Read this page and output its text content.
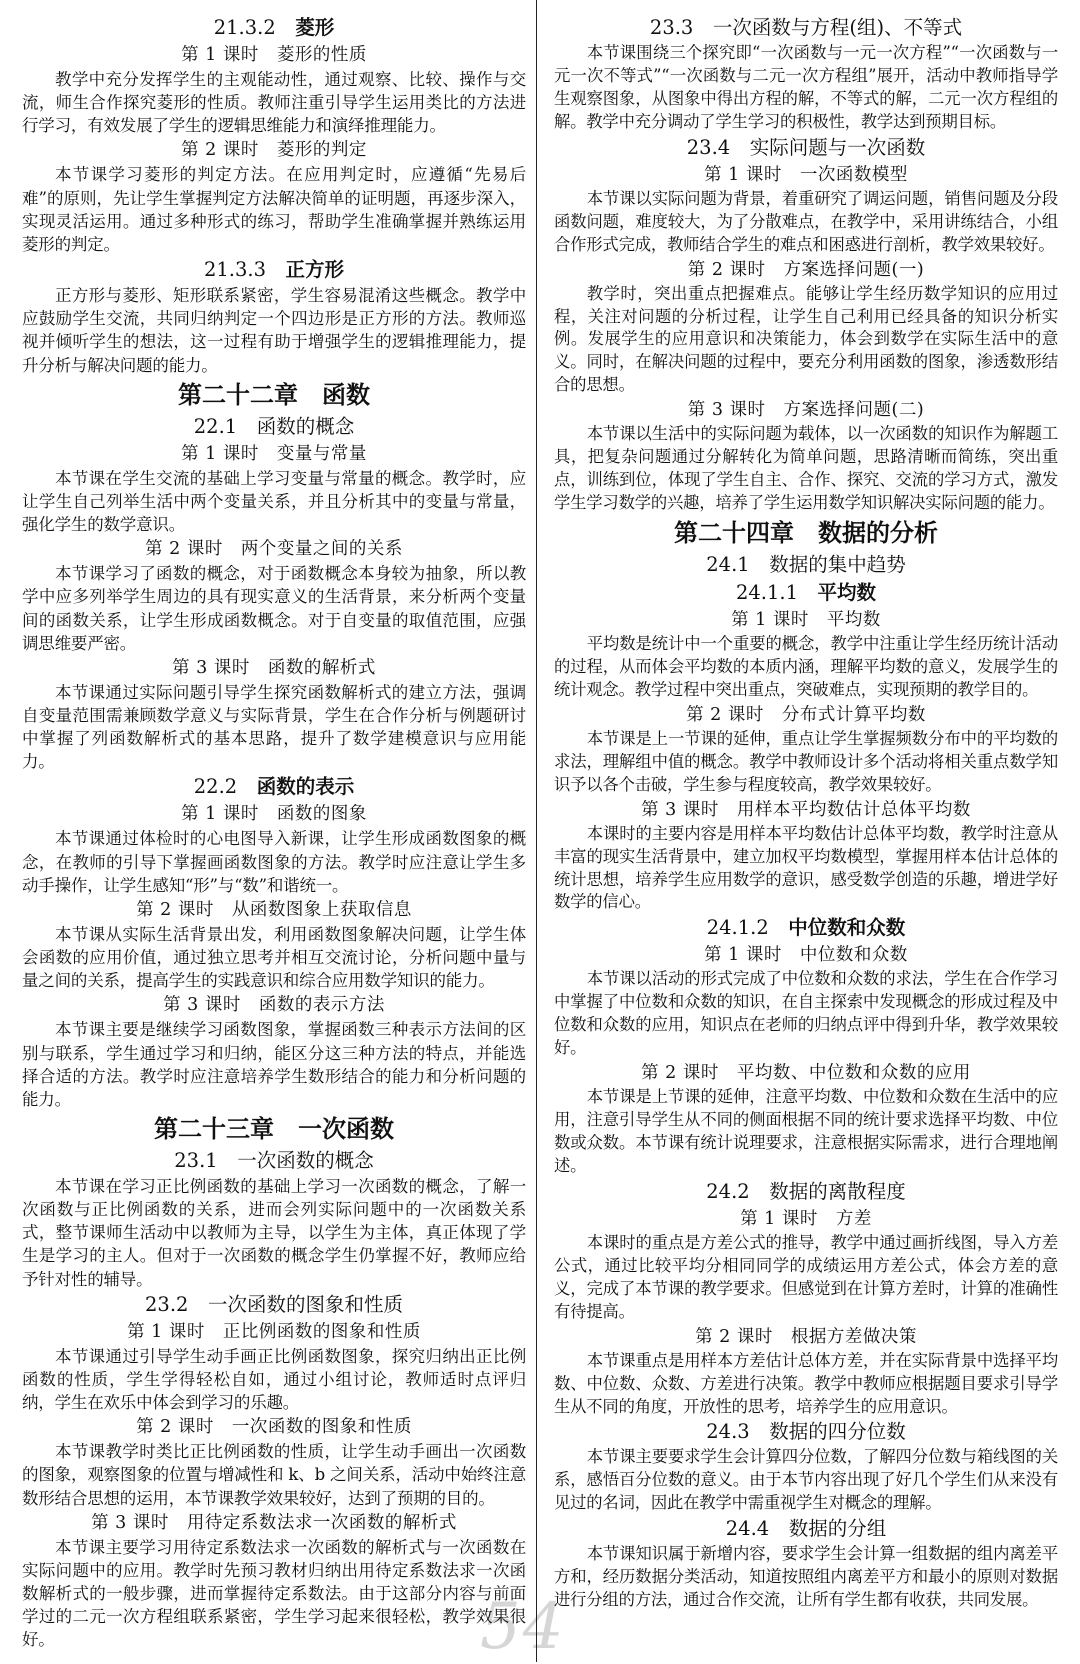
21.3.2　 菱形
第 1 课时　菱形的性质

教学中充分发挥学生的主观能动性，通过观察、比较、操作与交流，师生合作探究菱形的性质。教师注重引导学生运用类比的方法进行学习，有效发展了学生的逻辑思维能力和演绎推理能力。

第 2 课时　菱形的判定

本节课学习菱形的判定方法。在应用判定时，应遵循“先易后难”的原则，先让学生掌握判定方法解决简单的证明题，再逐步深入，实现灵活运用。通过多种形式的练习，帮助学生准确掌握并熟练运用菱形的判定。

21.3.3　 正方形

正方形与菱形、矩形联系紧密，学生容易混淆这些概念。教学中应鼓励学生交流，共同归纳判定一个四边形是正方形的方法。教师巡视并倾听学生的想法，这一过程有助于增强学生的逻辑推理能力，提升分析与解决问题的能力。

第二十二章　函数
22.1　 函数的概念
第 1 课时　变量与常量

本节课在学生交流的基础上学习变量与常量的概念。教学时，应让学生自己列举生活中两个变量关系，并且分析其中的变量与常量，强化学生的数学意识。

第 2 课时　两个变量之间的关系

本节课学习了函数的概念，对于函数概念本身较为抽象，所以教学中应多列举学生周边的具有现实意义的生活背景，来分析两个变量间的函数关系，让学生形成函数概念。对于自变量的取值范围，应强调思维要严密。

第 3 课时　函数的解析式

本节课通过实际问题引导学生探究函数解析式的建立方法，强调自变量范围需兼顾数学意义与实际背景，学生在合作分析与例题研讨中掌握了列函数解析式的基本思路，提升了数学建模意识与应用能力。

22.2　 函数的表示
第 1 课时　函数的图象

本节课通过体检时的心电图导入新课，让学生形成函数图象的概念，在教师的引导下掌握画函数图象的方法。教学时应注意让学生多动手操作，让学生感知“形”与“数”和谐统一。

第 2 课时　从函数图象上获取信息

本节课从实际生活背景出发，利用函数图象解决问题，让学生体会函数的应用价值，通过独立思考并相互交流讨论，分析问题中量与量之间的关系，提高学生的实践意识和综合应用数学知识的能力。

第 3 课时　函数的表示方法

本节课主要是继续学习函数图象，掌握函数三种表示方法间的区别与联系，学生通过学习和归纳，能区分这三种方法的特点，并能选择合适的方法。教学时应注意培养学生数形结合的能力和分析问题的能力。

第二十三章　一次函数
23.1　 一次函数的概念

本节课在学习正比例函数的基础上学习一次函数的概念，了解一次函数与正比例函数的关系，进而会列实际问题中的一次函数关系式，整节课师生活动中以教师为主导，以学生为主体，真正体现了学生是学习的主人。但对于一次函数的概念学生仍掌握不好，教师应给予针对性的辅导。

23.2　 一次函数的图象和性质
第 1 课时　正比例函数的图象和性质

本节课通过引导学生动手画正比例函数图象，探究归纳出正比例函数的性质，学生学得轻松自如，通过小组讨论，教师适时点评归纳，学生在欢乐中体会到学习的乐趣。

第 2 课时　一次函数的图象和性质

本节课教学时类比正比例函数的性质，让学生动手画出一次函数的图象，观察图象的位置与增减性和 k、b 之间关系，活动中始终注意数形结合思想的运用，本节课教学效果较好，达到了预期的目的。

第 3 课时　用待定系数法求一次函数的解析式

本节课主要学习用待定系数法求一次函数的解析式与一次函数在实际问题中的应用。教学时先预习教材归纳出用待定系数法求一次函数解析式的一般步骤，进而掌握待定系数法。由于这部分内容与前面学过的二元一次方程组联系紧密，学生学习起来很轻松，教学效果很好。

23.3　 一次函数与方程(组)、不等式

本节课围绕三个探究即“一次函数与一元一次方程”“一次函数与一元一次不等式”“一次函数与二元一次方程组”展开，活动中教师指导学生观察图象，从图象中得出方程的解，不等式的解，二元一次方程组的解。教学中充分调动了学生学习的积极性，教学达到预期目标。

23.4　 实际问题与一次函数
第 1 课时　一次函数模型

本节课以实际问题为背景，着重研究了调运问题，销售问题及分段函数问题，难度较大，为了分散难点，在教学中，采用讲练结合，小组合作形式完成，教师结合学生的难点和困惑进行剖析，教学效果较好。

第 2 课时　方案选择问题(一)

教学时，突出重点把握难点。能够让学生经历数学知识的应用过程，关注对问题的分析过程，让学生自己利用已经具备的知识分析实例。发展学生的应用意识和决策能力，体会到数学在实际生活中的意义。同时，在解决问题的过程中，要充分利用函数的图象，渗透数形结合的思想。

第 3 课时　方案选择问题(二)

本节课以生活中的实际问题为载体，以一次函数的知识作为解题工具，把复杂问题通过分解转化为简单问题，思路清晰而简练，突出重点，训练到位，体现了学生自主、合作、探究、交流的学习方式，激发学生学习数学的兴趣，培养了学生运用数学知识解决实际问题的能力。

第二十四章　数据的分析
24.1　 数据的集中趋势
24.1.1　 平均数
第 1 课时　平均数

平均数是统计中一个重要的概念，教学中注重让学生经历统计活动的过程，从而体会平均数的本质内涵，理解平均数的意义，发展学生的统计观念。教学过程中突出重点，突破难点，实现预期的教学目的。

第 2 课时　分布式计算平均数

本节课是上一节课的延伸，重点让学生掌握频数分布中的平均数的求法，理解组中值的概念。教学中教师设计多个活动将相关重点数学知识予以各个击破，学生参与程度较高，教学效果较好。

第 3 课时　用样本平均数估计总体平均数

本课时的主要内容是用样本平均数估计总体平均数，教学时注意从丰富的现实生活背景中，建立加权平均数模型，掌握用样本估计总体的统计思想，培养学生应用数学的意识，感受数学创造的乐趣，增进学好数学的信心。

24.1.2　 中位数和众数
第 1 课时　中位数和众数

本节课以活动的形式完成了中位数和众数的求法，学生在合作学习中掌握了中位数和众数的知识，在自主探索中发现概念的形成过程及中位数和众数的应用，知识点在老师的归纳点评中得到升华，教学效果较好。

第 2 课时　平均数、中位数和众数的应用

本节课是上节课的延伸，注意平均数、中位数和众数在生活中的应用，注意引导学生从不同的侧面根据不同的统计要求选择平均数、中位数或众数。本节课有统计说理要求，注意根据实际需求，进行合理地阐述。

24.2　 数据的离散程度
第 1 课时　方差

本课时的重点是方差公式的推导，教学中通过画折线图，导入方差公式，通过比较平均分相同同学的成绩运用方差公式，体会方差的意义，完成了本节课的教学要求。但感觉到在计算方差时，计算的准确性有待提高。

第 2 课时　根据方差做决策

本节课重点是用样本方差估计总体方差，并在实际背景中选择平均数、中位数、众数、方差进行决策。教学中教师应根据题目要求引导学生从不同的角度，开放性的思考，培养学生的应用意识。

24.3　 数据的四分位数

本节课主要要求学生会计算四分位数，了解四分位数与箱线图的关系，感悟百分位数的意义。由于本节内容出现了好几个学生们从来没有见过的名词，因此在教学中需重视学生对概念的理解。

24.4　 数据的分组

本节课知识属于新增内容，要求学生会计算一组数据的组内离差平方和，经历数据分类活动，知道按照组内离差平方和最小的原则对数据进行分组的方法，通过合作交流，让所有学生都有收获，共同发展。

54
